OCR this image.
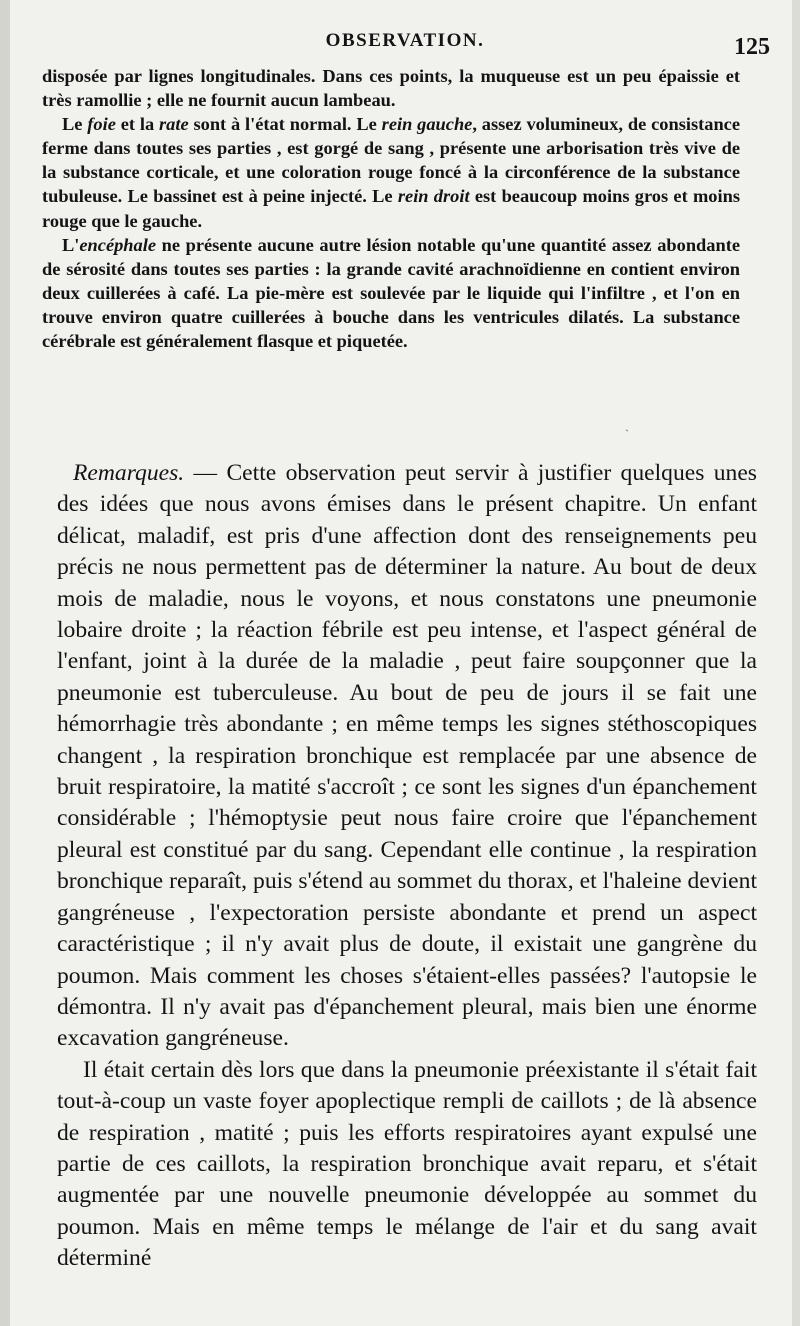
OBSERVATION.	125

disposée par lignes longitudinales. Dans ces points, la muqueuse est un peu épaissie et très ramollie ; elle ne fournit aucun lambeau.

Le foie et la rate sont à l'état normal. Le rein gauche, assez volumineux, de consistance ferme dans toutes ses parties , est gorgé de sang , présente une arborisation très vive de la substance corticale, et une coloration rouge foncé à la circonférence de la substance tubuleuse. Le bassinet est à peine injecté. Le rein droit est beaucoup moins gros et moins rouge que le gauche.

L'encéphale ne présente aucune autre lésion notable qu'une quantité assez abondante de sérosité dans toutes ses parties : la grande cavité arachnoïdienne en contient environ deux cuillerées à café. La pie-mère est soulevée par le liquide qui l'infiltre , et l'on en trouve environ quatre cuillerées à bouche dans les ventricules dilatés. La substance cérébrale est généralement flasque et piquetée.

ˏ

Remarques. — Cette observation peut servir à justifier quelques unes des idées que nous avons émises dans le présent chapitre. Un enfant délicat, maladif, est pris d'une affection dont des renseignements peu précis ne nous permettent pas de déterminer la nature. Au bout de deux mois de maladie, nous le voyons, et nous constatons une pneumonie lobaire droite ; la réaction fébrile est peu intense, et l'aspect général de l'enfant, joint à la durée de la maladie , peut faire soupçonner que la pneumonie est tuberculeuse. Au bout de peu de jours il se fait une hémorrhagie très abondante ; en même temps les signes stéthoscopiques changent , la respiration bronchique est remplacée par une absence de bruit respiratoire, la matité s'accroît ; ce sont les signes d'un épanchement considérable ; l'hémoptysie peut nous faire croire que l'épanchement pleural est constitué par du sang. Cependant elle continue , la respiration bronchique reparaît, puis s'étend au sommet du thorax, et l'haleine devient gangréneuse , l'expectoration persiste abondante et prend un aspect caractéristique ; il n'y avait plus de doute, il existait une gangrène du poumon. Mais comment les choses s'étaient-elles passées? l'autopsie le démontra. Il n'y avait pas d'épanchement pleural, mais bien une énorme excavation gangréneuse.

Il était certain dès lors que dans la pneumonie préexistante il s'était fait tout-à-coup un vaste foyer apoplectique rempli de caillots ; de là absence de respiration , matité ; puis les efforts respiratoires ayant expulsé une partie de ces caillots, la respiration bronchique avait reparu, et s'était augmentée par une nouvelle pneumonie développée au sommet du poumon. Mais en même temps le mélange de l'air et du sang avait déterminé
